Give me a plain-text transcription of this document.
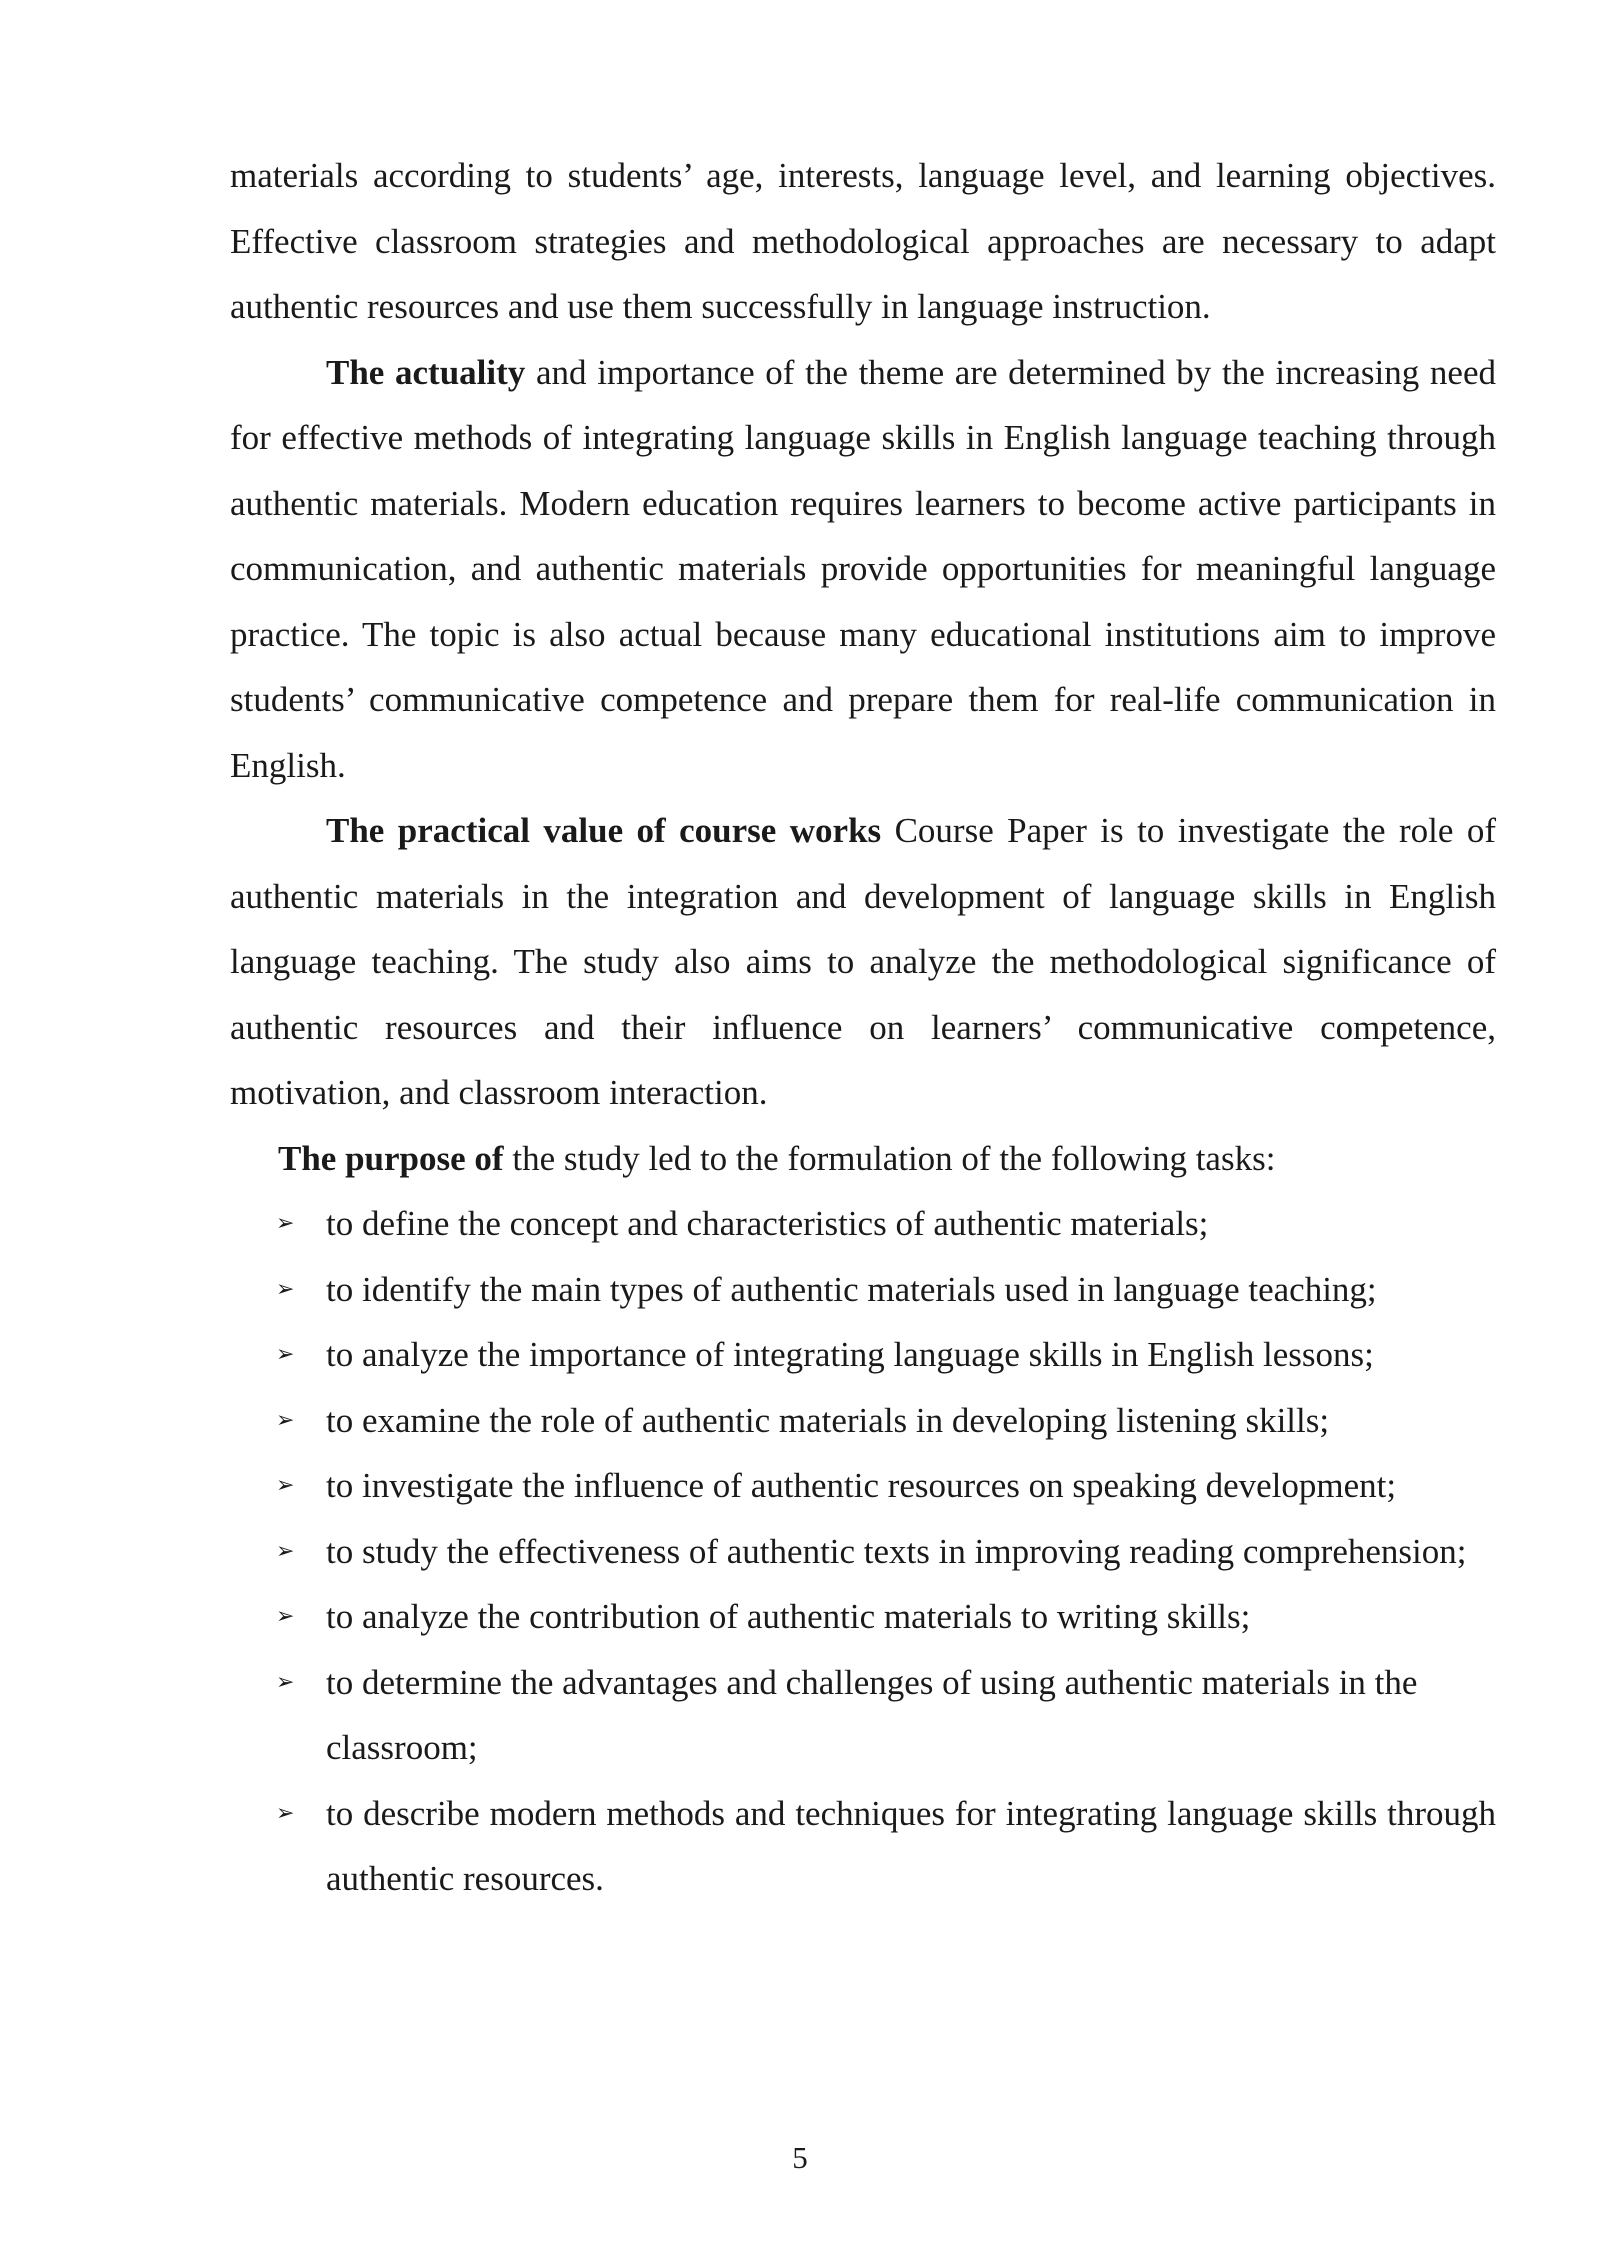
materials according to students’ age, interests, language level, and learning objectives. Effective classroom strategies and methodological approaches are necessary to adapt authentic resources and use them successfully in language instruction.

The actuality and importance of the theme are determined by the increasing need for effective methods of integrating language skills in English language teaching through authentic materials. Modern education requires learners to become active participants in communication, and authentic materials provide opportunities for meaningful language practice. The topic is also actual because many educational institutions aim to improve students’ communicative competence and prepare them for real-life communication in English.

The practical value of course works Course Paper is to investigate the role of authentic materials in the integration and development of language skills in English language teaching. The study also aims to analyze the methodological significance of authentic resources and their influence on learners’ communicative competence, motivation, and classroom interaction.

The purpose of the study led to the formulation of the following tasks:

➢ to define the concept and characteristics of authentic materials;
➢ to identify the main types of authentic materials used in language teaching;
➢ to analyze the importance of integrating language skills in English lessons;
➢ to examine the role of authentic materials in developing listening skills;
➢ to investigate the influence of authentic resources on speaking development;
➢ to study the effectiveness of authentic texts in improving reading comprehension;
➢ to analyze the contribution of authentic materials to writing skills;
➢ to determine the advantages and challenges of using authentic materials in the classroom;
➢ to describe modern methods and techniques for integrating language skills through authentic resources.
5
